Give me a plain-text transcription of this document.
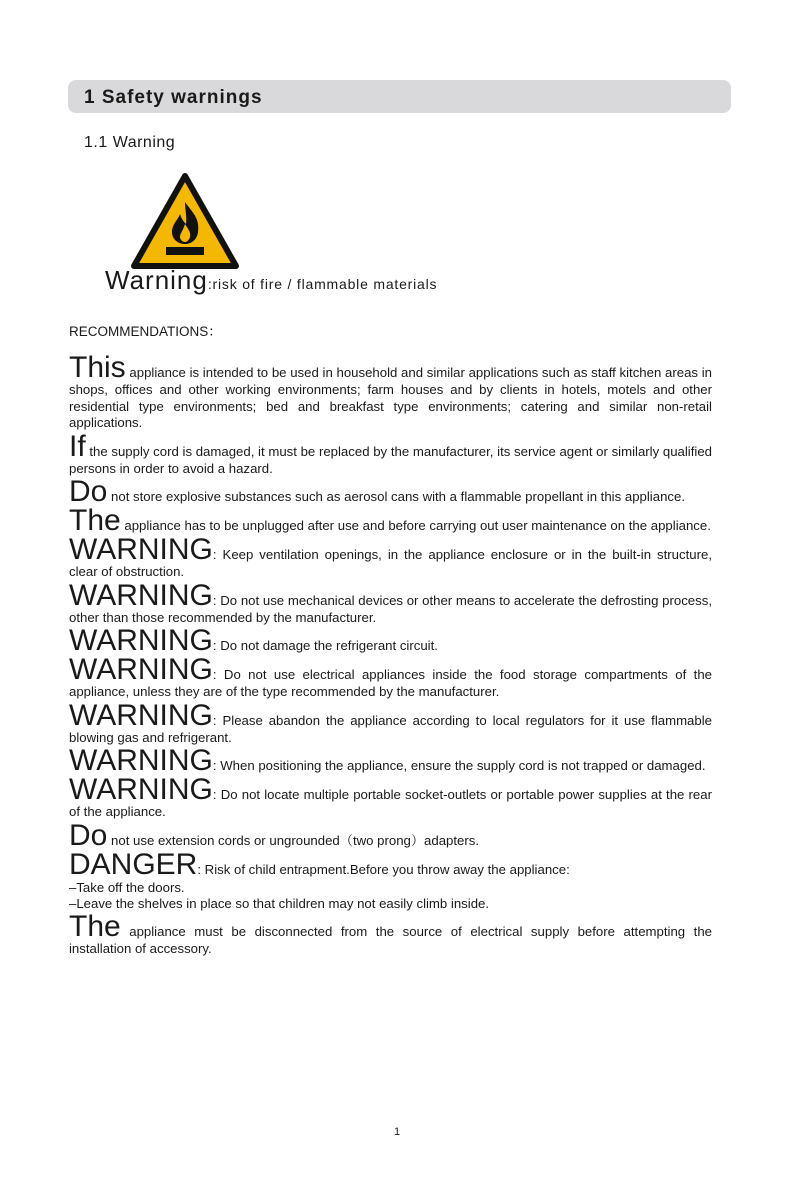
1 Safety warnings
1.1 Warning
Warning:risk of fire / flammable materials
RECOMMENDATIONS：

This appliance is intended to be used in household and similar applications such as staff kitchen areas in shops, offices and other working environments; farm houses and by clients in hotels, motels and other residential type environments; bed and breakfast type environments; catering and similar non-retail applications.

If the supply cord is damaged, it must be replaced by the manufacturer, its service agent or similarly qualified persons in order to avoid a hazard.

Do not store explosive substances such as aerosol cans with a flammable propellant in this appliance.

The appliance has to be unplugged after use and before carrying out user maintenance on the appliance.

WARNING: Keep ventilation openings, in the appliance enclosure or in the built-in structure, clear of obstruction.

WARNING: Do not use mechanical devices or other means to accelerate the defrosting process, other than those recommended by the manufacturer.

WARNING: Do not damage the refrigerant circuit.

WARNING: Do not use electrical appliances inside the food storage compartments of the appliance, unless they are of the type recommended by the manufacturer.

WARNING: Please abandon the appliance according to local regulators for it use flammable blowing gas and refrigerant.

WARNING: When positioning the appliance, ensure the supply cord is not trapped or damaged.

WARNING: Do not locate multiple portable socket-outlets or portable power supplies at the rear of the appliance.

Do not use extension cords or ungrounded（two prong）adapters.

DANGER: Risk of child entrapment.Before you throw away the appliance:

–Take off the doors.

–Leave the shelves in place so that children may not easily climb inside.

The appliance must be disconnected from the source of electrical supply before attempting the installation of accessory.

1
